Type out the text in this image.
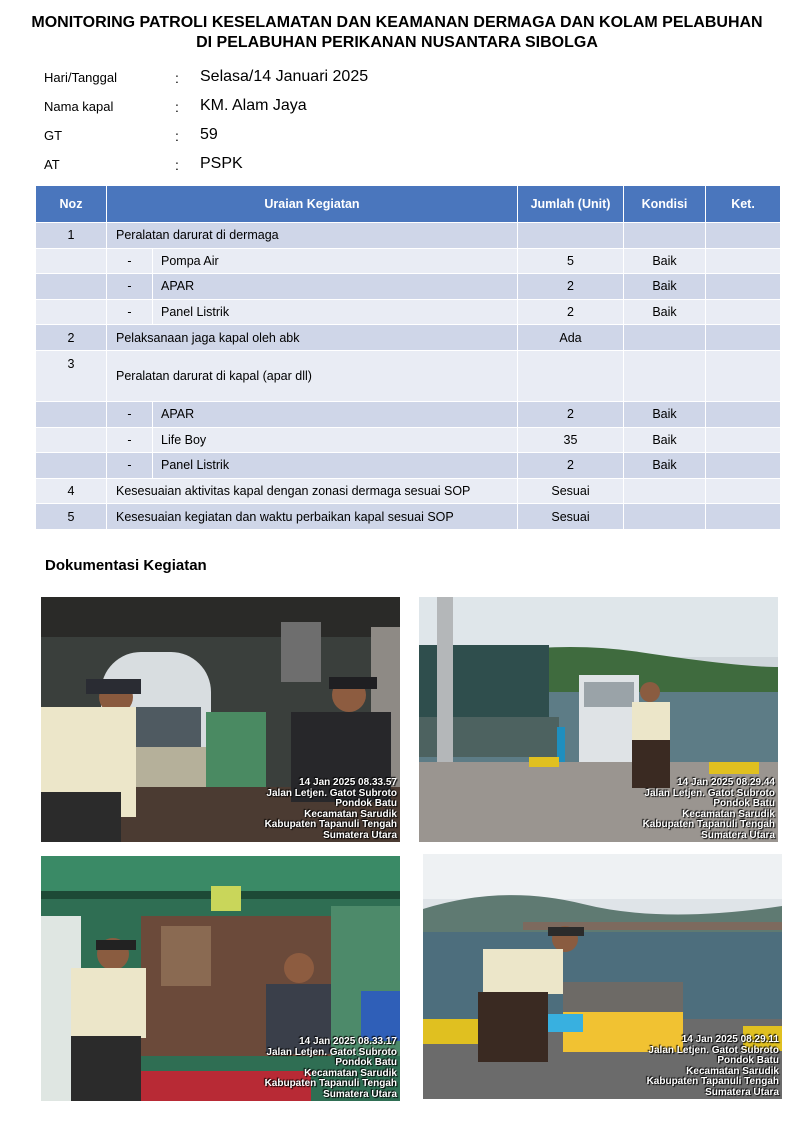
MONITORING PATROLI KESELAMATAN DAN KEAMANAN DERMAGA DAN KOLAM PELABUHAN
DI PELABUHAN PERIKANAN NUSANTARA SIBOLGA
Hari/Tanggal	: Selasa/14 Januari 2025
Nama kapal	: KM. Alam Jaya
GT	: 59
AT	: PSPK
Noz	Uraian Kegiatan	Jumlah (Unit)	Kondisi	Ket.
1	Peralatan darurat di dermaga			

	- Pompa Air	5	Baik	

	- APAR	2	Baik	

	- Panel Listrik	2	Baik	
2	Pelaksanaan jaga kapal oleh abk	Ada		
3	Peralatan darurat di kapal (apar dll)			

	- APAR	2	Baik	

	- Life Boy	35	Baik	

	- Panel Listrik	2	Baik	
4	Kesesuaian aktivitas kapal dengan zonasi dermaga sesuai SOP	Sesuai		
5	Kesesuaian kegiatan dan waktu perbaikan kapal sesuai SOP	Sesuai		
Dokumentasi Kegiatan
14 Jan 2025 08.33.57
Jalan Letjen. Gatot Subroto
Pondok Batu
Kecamatan Sarudik
Kabupaten Tapanuli Tengah
Sumatera Utara
14 Jan 2025 08.29.44
Jalan Letjen. Gatot Subroto
Pondok Batu
Kecamatan Sarudik
Kabupaten Tapanuli Tengah
Sumatera Utara
14 Jan 2025 08.33.17
Jalan Letjen. Gatot Subroto
Pondok Batu
Kecamatan Sarudik
Kabupaten Tapanuli Tengah
Sumatera Utara
14 Jan 2025 08.29.11
Jalan Letjen. Gatot Subroto
Pondok Batu
Kecamatan Sarudik
Kabupaten Tapanuli Tengah
Sumatera Utara
